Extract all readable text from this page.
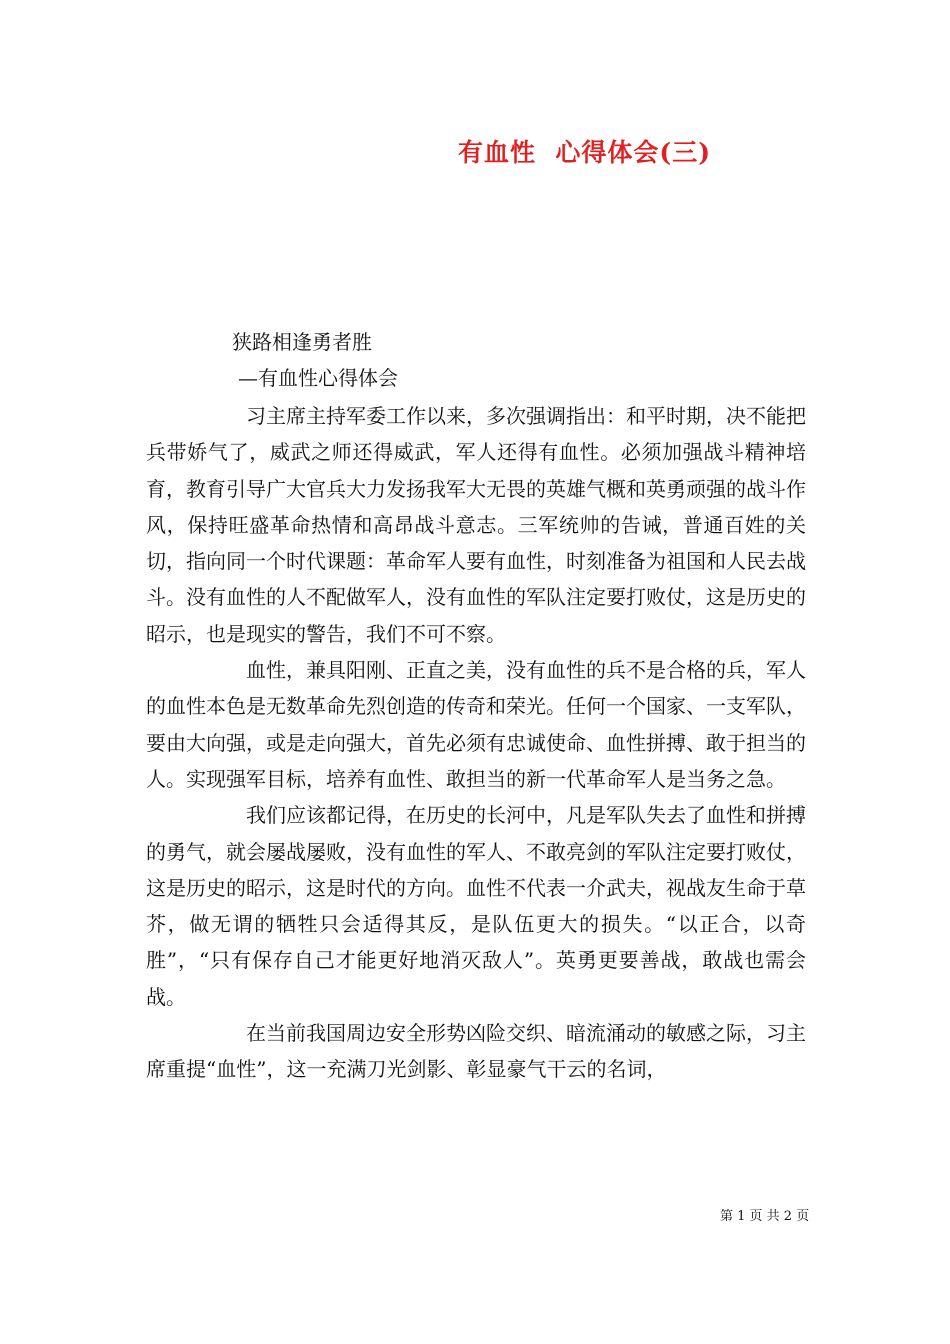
有血性  心得体会(三)
狭路相逢勇者胜
—有血性心得体会

习主席主持军委工作以来，多次强调指出：和平时期，决不能把兵带娇气了，威武之师还得威武，军人还得有血性。必须加强战斗精神培育，教育引导广大官兵大力发扬我军大无畏的英雄气概和英勇顽强的战斗作风，保持旺盛革命热情和高昂战斗意志。三军统帅的告诫，普通百姓的关切，指向同一个时代课题：革命军人要有血性，时刻准备为祖国和人民去战斗。没有血性的人不配做军人，没有血性的军队注定要打败仗，这是历史的昭示，也是现实的警告，我们不可不察。

血性，兼具阳刚、正直之美，没有血性的兵不是合格的兵，军人的血性本色是无数革命先烈创造的传奇和荣光。任何一个国家、一支军队，要由大向强，或是走向强大，首先必须有忠诚使命、血性拼搏、敢于担当的人。实现强军目标，培养有血性、敢担当的新一代革命军人是当务之急。

我们应该都记得，在历史的长河中，凡是军队失去了血性和拼搏的勇气，就会屡战屡败，没有血性的军人、不敢亮剑的军队注定要打败仗，这是历史的昭示，这是时代的方向。血性不代表一介武夫，视战友生命于草芥，做无谓的牺牲只会适得其反，是队伍更大的损失。“以正合，以奇胜”，“只有保存自己才能更好地消灭敌人”。英勇更要善战，敢战也需会战。

在当前我国周边安全形势凶险交织、暗流涌动的敏感之际，习主席重提“血性”，这一充满刀光剑影、彰显豪气干云的名词，

第 1 页 共 2 页
